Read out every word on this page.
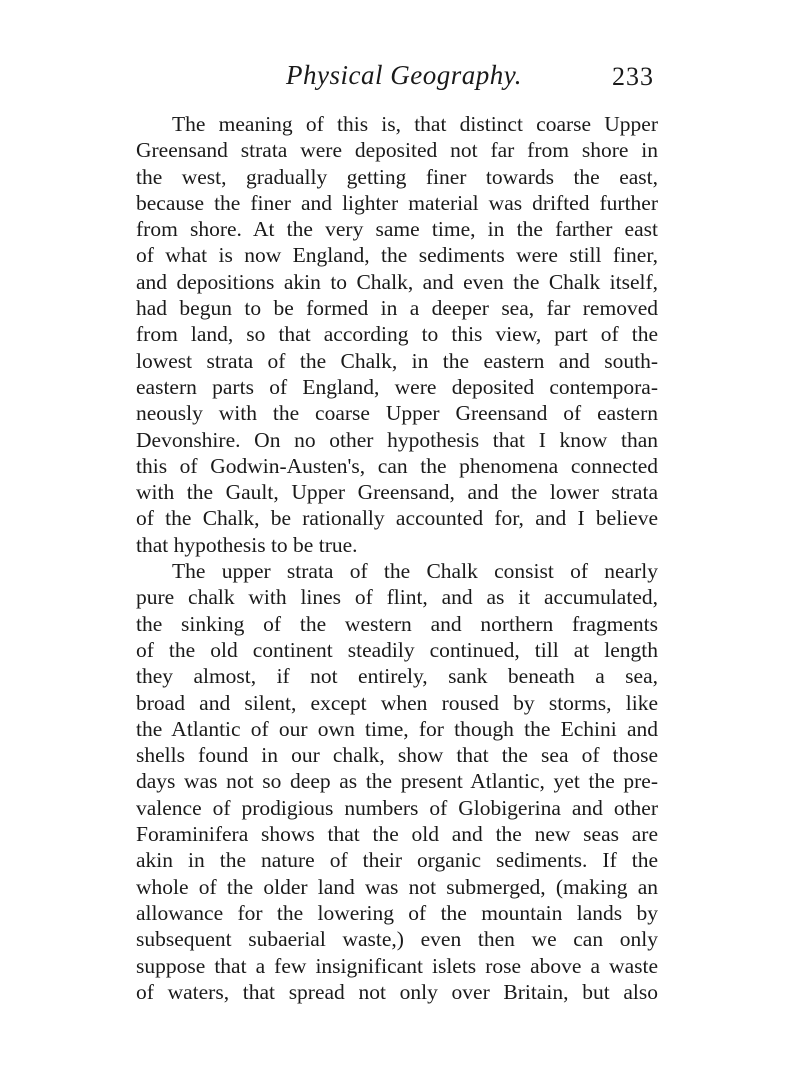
Physical Geography.	233
The meaning of this is, that distinct coarse Upper
Greensand strata were deposited not far from shore in
the west, gradually getting finer towards the east,
because the finer and lighter material was drifted further
from shore. At the very same time, in the farther east
of what is now England, the sediments were still finer,
and depositions akin to Chalk, and even the Chalk itself,
had begun to be formed in a deeper sea, far removed
from land, so that according to this view, part of the
lowest strata of the Chalk, in the eastern and south-
eastern parts of England, were deposited contempora-
neously with the coarse Upper Greensand of eastern
Devonshire. On no other hypothesis that I know than
this of Godwin-Austen's, can the phenomena connected
with the Gault, Upper Greensand, and the lower strata
of the Chalk, be rationally accounted for, and I believe
that hypothesis to be true.
The upper strata of the Chalk consist of nearly
pure chalk with lines of flint, and as it accumulated,
the sinking of the western and northern fragments
of the old continent steadily continued, till at length
they almost, if not entirely, sank beneath a sea,
broad and silent, except when roused by storms, like
the Atlantic of our own time, for though the Echini and
shells found in our chalk, show that the sea of those
days was not so deep as the present Atlantic, yet the pre-
valence of prodigious numbers of Globigerina and other
Foraminifera shows that the old and the new seas are
akin in the nature of their organic sediments. If the
whole of the older land was not submerged, (making an
allowance for the lowering of the mountain lands by
subsequent subaerial waste,) even then we can only
suppose that a few insignificant islets rose above a waste
of waters, that spread not only over Britain, but also
